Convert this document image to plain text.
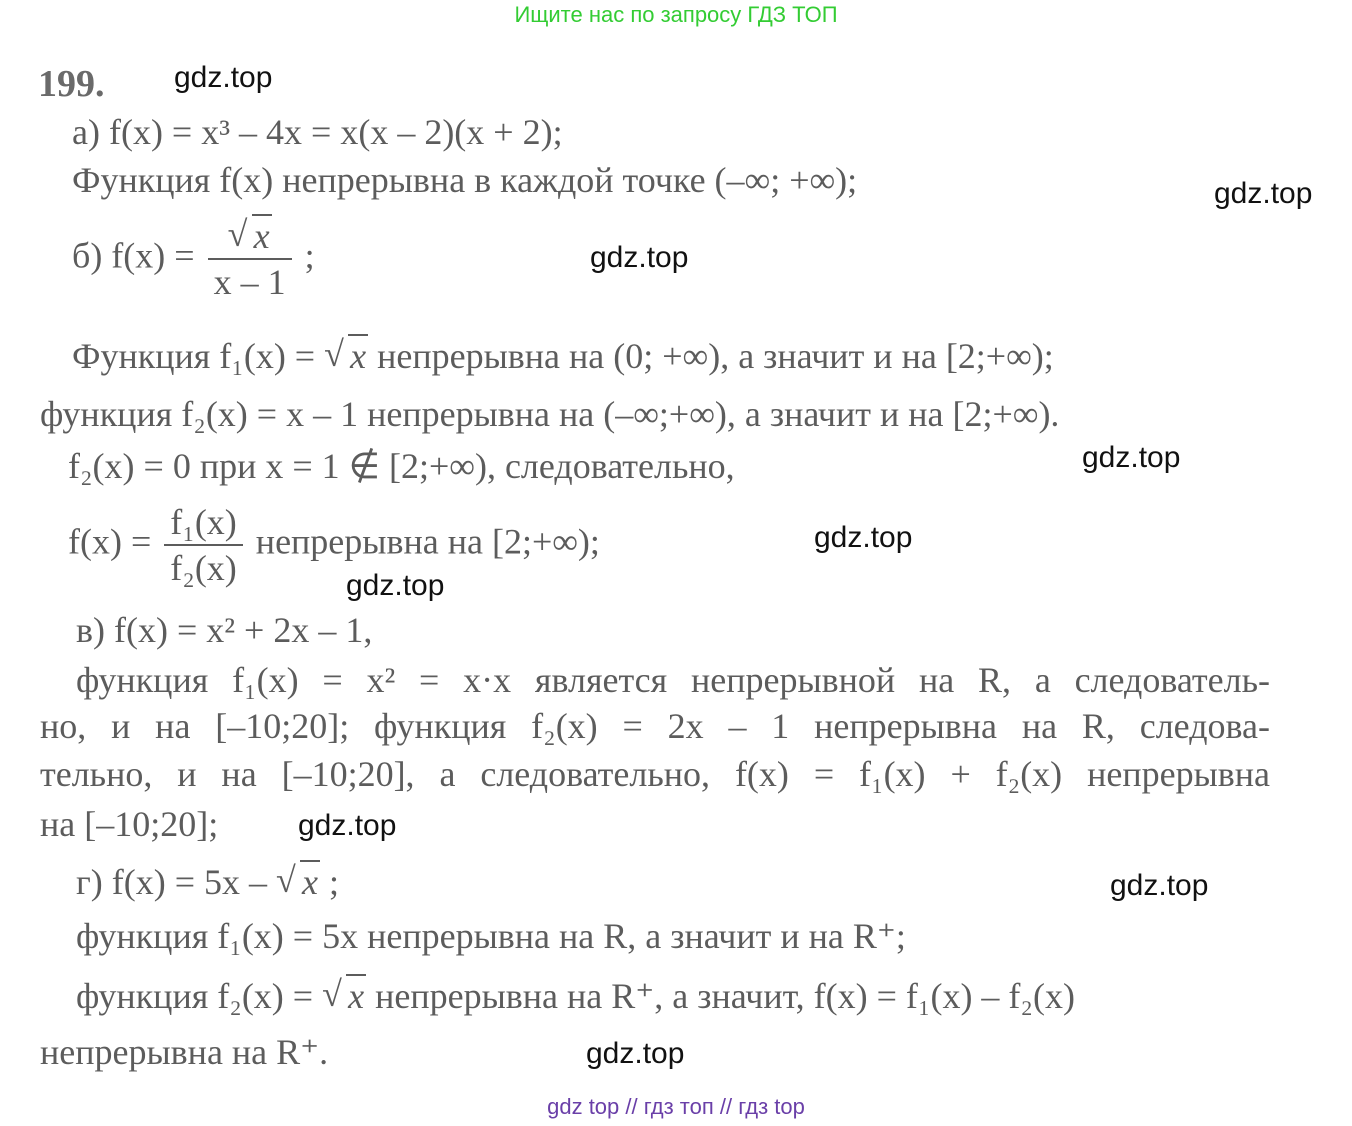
Ищите нас по запросу ГДЗ ТОП
199. gdz.top
gdz.top
gdz.top
gdz.top
gdz.top
gdz.top
gdz.top
gdz.top
gdz.top
а) f(x) = x³ – 4x = x(x – 2)(x + 2);
Функция f(x) непрерывна в каждой точке (–∞; +∞);
б) f(x) = √ $\frac{x}{x - 1}$ ;
Функция f₁(x) = √ x непрерывна на (0; +∞), а значит и на [2;+∞);
функция f₂(x) = x – 1 непрерывна на (–∞;+∞), а значит и на [2;+∞).
f₂(x) = 0 при x = 1 ∉ [2;+∞), следовательно,
$f(x) = \frac{\text{f₁(x)}}{\text{f₂(x)}}$ непрерывна на [2;+∞);
в) f(x) = x² + 2x – 1,
функция f₁(x) = x² = x·x является непрерывной на R, а следователь-
но, и на [–10;20]; функция f₂(x) = 2x – 1 непрерывна на R, следова-
тельно, и на [–10;20], а следовательно, f(x) = f₁(x) + f₂(x) непрерывна
на [–10;20];
г) f(x) = 5x – √ x ;
функция f₁(x) = 5x непрерывна на R, а значит и на R⁺;
функция f₂(x) = √ x непрерывна на R⁺, а значит, f(x) = f₁(x) – f₂(x)
непрерывна на R⁺.
gdz top // гдз топ // гдз top
